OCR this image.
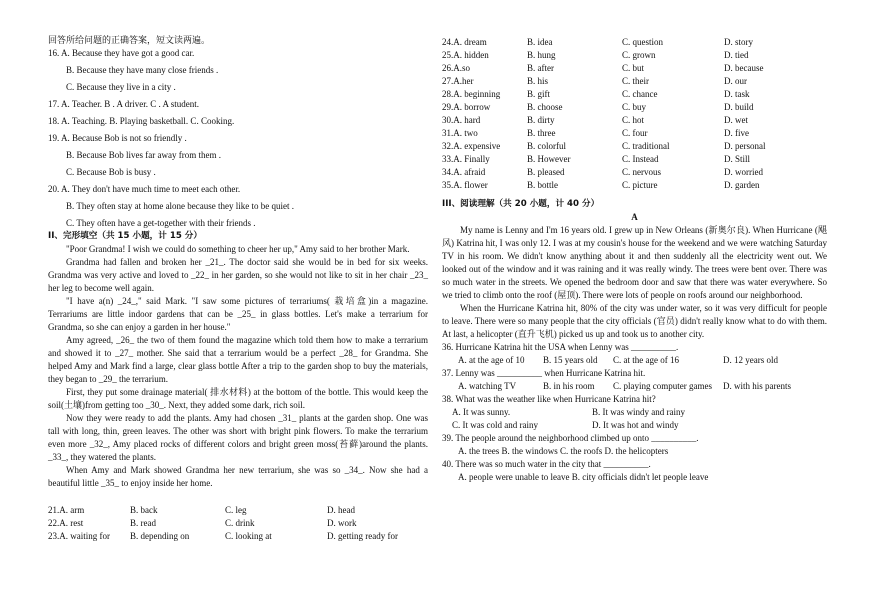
回答所给问题的正确答案，短文读两遍。
16. A. Because they have got a good car.
B. Because they have many close friends .
C. Because they live in a city .
17. A. Teacher. B . A driver. C . A student.
18. A. Teaching. B. Playing basketball. C. Cooking.
19. A. Because Bob is not so friendly .
B. Because Bob lives far away from them .
C. Because Bob is busy .
20. A. They don't have much time to meet each other.
B. They often stay at home alone because they like to be quiet .
C. They often have a get-together with their friends .
II、完形填空（共 15 小题，计 15 分）
"Poor Grandma! I wish we could do something to cheer her up," Amy said to her brother Mark.
Grandma had fallen and broken her _21_. The doctor said she would be in bed for six weeks. Grandma was very active and loved to _22_ in her garden, so she would not like to sit in her chair _23_ her leg to become well again.
"I have a(n) _24_," said Mark. "I saw some pictures of terrariums( 栽培盒)in a magazine. Terrariums are little indoor gardens that can be _25_ in glass bottles. Let's make a terrarium for Grandma, so she can enjoy a garden in her house."
Amy agreed, _26_ the two of them found the magazine which told them how to make a terrarium and showed it to _27_ mother. She said that a terrarium would be a perfect _28_ for Grandma. She helped Amy and Mark find a large, clear glass bottle After a trip to the garden shop to buy the materials, they began to _29_ the terrarium.
First, they put some drainage material( 排水材料) at the bottom of the bottle. This would keep the soil(土壤)from getting too _30_. Next, they added some dark, rich soil.
Now they were ready to add the plants. Amy had chosen _31_ plants at the garden shop. One was tall with long, thin, green leaves. The other was short with bright pink flowers. To make the terrarium even more _32_, Amy placed rocks of different colors and bright green moss(苔藓)around the plants. _33_, they watered the plants.
When Amy and Mark showed Grandma her new terrarium, she was so _34_. Now she had a beautiful little _35_ to enjoy inside her home.
21.A. arm	B. back	C. leg	D. head
22.A. rest	B. read	C. drink	D. work
23.A. waiting for	B. depending on	C. looking at	D. getting ready for
24.A. dream	B. idea	C. question	D. story
25.A. hidden	B. hung	C. grown	D. tied
26.A.so	B. after	C. but	D. because
27.A.her	B. his	C. their	D. our
28.A. beginning	B. gift	C. chance	D. task
29.A. borrow	B. choose	C. buy	D. build
30.A. hard	B. dirty	C. hot	D. wet
31.A. two	B. three	C. four	D. five
32.A. expensive	B. colorful	C. traditional	D. personal
33.A. Finally	B. However	C. Instead	D. Still
34.A. afraid	B. pleased	C. nervous	D. worried
35.A. flower	B. bottle	C. picture	D. garden
III、阅读理解（共 20 小题，计 40 分）
A
My name is Lenny and I'm 16 years old. I grew up in New Orleans (新奥尔良). When Hurricane (飓风) Katrina hit, I was only 12. I was at my cousin's house for the weekend and we were watching Saturday TV in his room. We didn't know anything about it and then suddenly all the electricity went out. We looked out of the window and it was raining and it was really windy. The trees were bent over. There was so much water in the streets. We opened the bedroom door and saw that there was water everywhere. So we tried to climb onto the roof (屋顶). There were lots of people on roofs around our neighborhood.
When the Hurricane Katrina hit, 80% of the city was under water, so it was very difficult for people to leave. There were so many people that the city officials (官员) didn't really know what to do with them. At last, a helicopter (直升飞机) picked us up and took us to another city.
36. Hurricane Katrina hit the USA when Lenny was __________.
A. at the age of 10	B. 15 years old	C. at the age of 16	D. 12 years old
37. Lenny was __________ when Hurricane Katrina hit.
A. watching TV	B. in his room	C. playing computer games	D. with his parents
38. What was the weather like when Hurricane Katrina hit?
A. It was sunny.	B. It was windy and rainy
C. It was cold and rainy	D. It was hot and windy
39. The people around the neighborhood climbed up onto __________.
A. the trees B. the windows C. the roofs D. the helicopters
40. There was so much water in the city that __________.
A. people were unable to leave B. city officials didn't let people leave
